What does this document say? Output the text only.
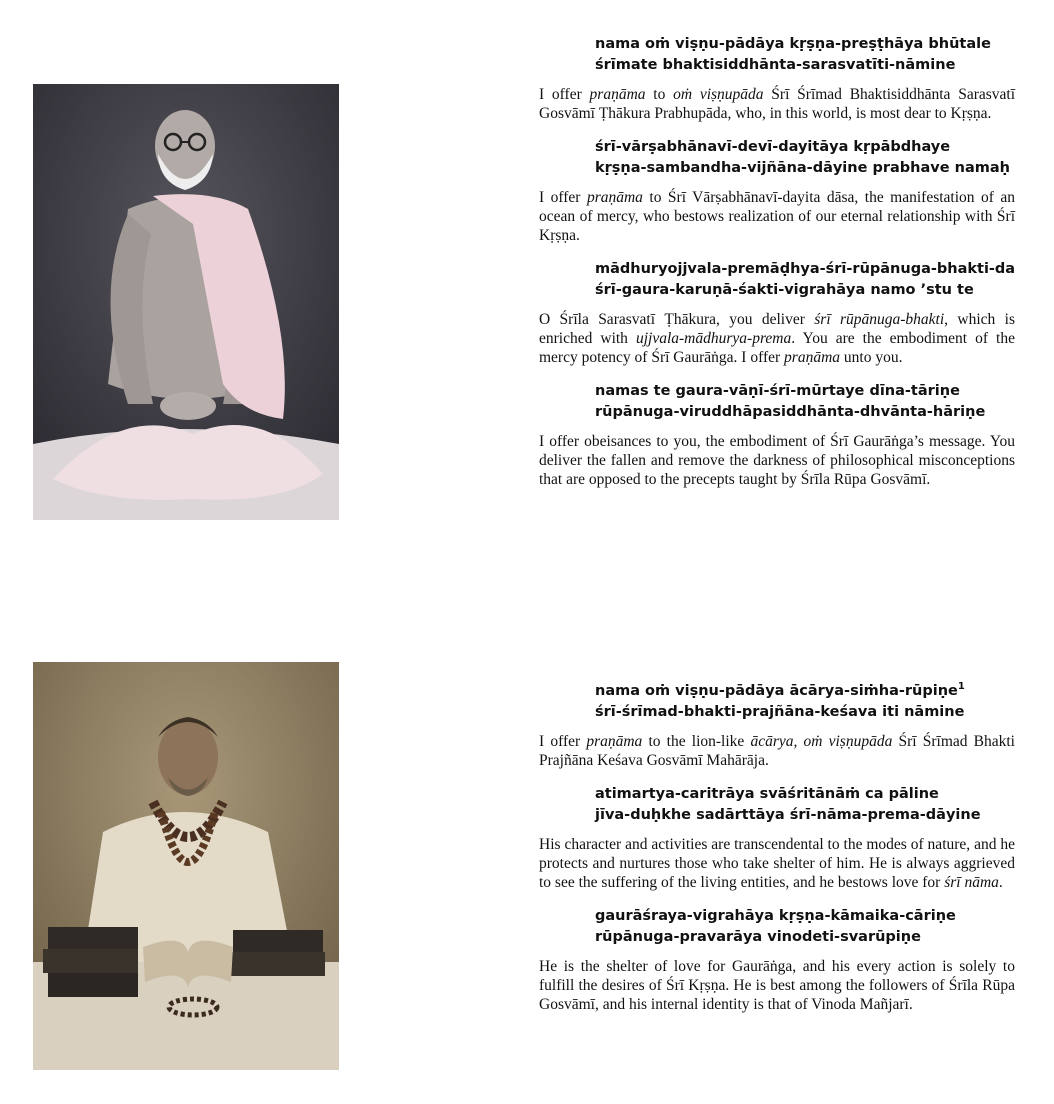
nama oṁ viṣṇu-pādāya kṛṣṇa-preṣṭhāya bhūtale
śrīmate bhaktisiddhānta-sarasvatīti-nāmine

I offer praṇāma to oṁ viṣṇupāda Śrī Śrīmad Bhaktisiddhānta Sarasvatī Gosvāmī Ṭhākura Prabhupāda, who, in this world, is most dear to Kṛṣṇa.

śrī-vārṣabhānavī-devī-dayitāya kṛpābdhaye
kṛṣṇa-sambandha-vijñāna-dāyine prabhave namaḥ

I offer praṇāma to Śrī Vārṣabhānavī-dayita dāsa, the manifestation of an ocean of mercy, who bestows realization of our eternal relationship with Śrī Kṛṣṇa.

mādhuryojjvala-premāḍhya-śrī-rūpānuga-bhakti-da
śrī-gaura-karuṇā-śakti-vigrahāya namo ’stu te

O Śrīla Sarasvatī Ṭhākura, you deliver śrī rūpānuga-bhakti, which is enriched with ujjvala-mādhurya-prema. You are the embodiment of the mercy potency of Śrī Gaurāṅga. I offer praṇāma unto you.

namas te gaura-vāṇī-śrī-mūrtaye dīna-tāriṇe
rūpānuga-viruddhāpasiddhānta-dhvānta-hāriṇe

I offer obeisances to you, the embodiment of Śrī Gaurāṅga’s message. You deliver the fallen and remove the darkness of philosophical misconceptions that are opposed to the precepts taught by Śrīla Rūpa Gosvāmī.

nama oṁ viṣṇu-pādāya ācārya-siṁha-rūpiṇe$^1$
śrī-śrīmad-bhakti-prajñāna-keśava iti nāmine

I offer praṇāma to the lion-like ācārya, oṁ viṣṇupāda Śrī Śrīmad Bhakti Prajñāna Keśava Gosvāmī Mahārāja.

atimartya-caritrāya svāśritānāṁ ca pāline
jīva-duḥkhe sadārttāya śrī-nāma-prema-dāyine

His character and activities are transcendental to the modes of nature, and he protects and nurtures those who take shelter of him. He is always aggrieved to see the suffering of the living entities, and he bestows love for śrī nāma.

gaurāśraya-vigrahāya kṛṣṇa-kāmaika-cāriṇe
rūpānuga-pravarāya vinodeti-svarūpiṇe

He is the shelter of love for Gaurāṅga, and his every action is solely to fulfill the desires of Śrī Kṛṣṇa. He is best among the followers of Śrīla Rūpa Gosvāmī, and his internal identity is that of Vinoda Mañjarī.
